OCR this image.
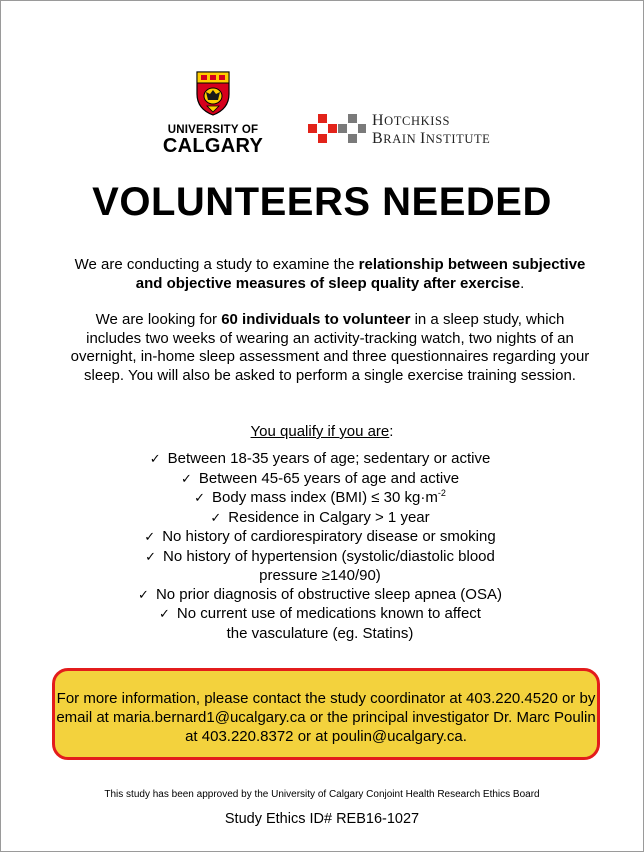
UNIVERSITY OF
CALGARY
HOTCHKISS
BRAIN INSTITUTE
VOLUNTEERS NEEDED
We are conducting a study to examine the relationship between subjective and objective measures of sleep quality after exercise.
We are looking for 60 individuals to volunteer in a sleep study, which includes two weeks of wearing an activity-tracking watch, two nights of an overnight, in-home sleep assessment and three questionnaires regarding your sleep. You will also be asked to perform a single exercise training session.
You qualify if you are:
✓ Between 18-35 years of age; sedentary or active
✓ Between 45-65 years of age and active
✓ Body mass index (BMI) ≤ 30 $kg\cdot m^{-2}$
✓ Residence in Calgary > 1 year
✓ No history of cardiorespiratory disease or smoking
✓ No history of hypertension (systolic/diastolic blood pressure ≥140/90)
✓ No prior diagnosis of obstructive sleep apnea (OSA)
✓ No current use of medications known to affect the vasculature (eg. Statins)
For more information, please contact the study coordinator at 403.220.4520 or by email at maria.bernard1@ucalgary.ca or the principal investigator Dr. Marc Poulin at 403.220.8372 or at poulin@ucalgary.ca.
This study has been approved by the University of Calgary Conjoint Health Research Ethics Board
Study Ethics ID# REB16-1027
